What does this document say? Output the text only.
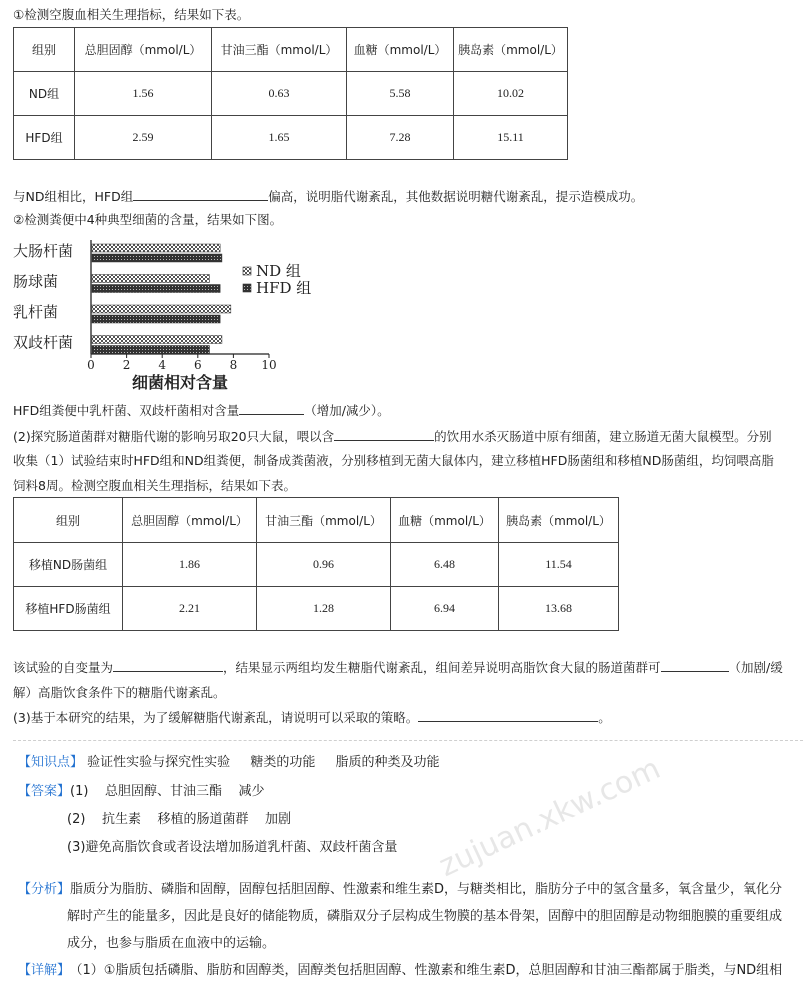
①检测空腹血相关生理指标，结果如下表。
组别	总胆固醇（mmol/L）	甘油三酯（mmol/L）	血糖（mmol/L）	胰岛素（mmol/L）
ND组	1.56	0.63	5.58	10.02
HFD组	2.59	1.65	7.28	15.11
与ND组相比，HFD组	偏高，说明脂代谢紊乱，其他数据说明糖代谢紊乱，提示造模成功。
②检测粪便中4种典型细菌的含量，结果如下图。
大肠杆菌
肠球菌
乳杆菌
双歧杆菌
0 2 4 6 8 10
细菌相对含量
ND 组
HFD 组
HFD组粪便中乳杆菌、双歧杆菌相对含量	（增加/减少）。
(2)探究肠道菌群对糖脂代谢的影响另取20只大鼠，喂以含	的饮用水杀灭肠道中原有细菌，建立肠道无菌大鼠模型。分别
收集（1）试验结束时HFD组和ND组粪便，制备成粪菌液，分别移植到无菌大鼠体内，建立移植HFD肠菌组和移植ND肠菌组，均饲喂高脂
饲料8周。检测空腹血相关生理指标，结果如下表。
组别	总胆固醇（mmol/L）	甘油三酯（mmol/L）	血糖（mmol/L）	胰岛素（mmol/L）
移植ND肠菌组	1.86	0.96	6.48	11.54
移植HFD肠菌组	2.21	1.28	6.94	13.68
该试验的自变量为	，结果显示两组均发生糖脂代谢紊乱，组间差异说明高脂饮食大鼠的肠道菌群可	（加剧/缓
解）高脂饮食条件下的糖脂代谢紊乱。
(3)基于本研究的结果，为了缓解糖脂代谢紊乱，请说明可以采取的策略。	。
zujuan.xkw.com
【知识点】 验证性实验与探究性实验 糖类的功能 脂质的种类及功能
【答案】(1)    总胆固醇、甘油三酯    减少
(2)    抗生素    移植的肠道菌群    加剧
(3)避免高脂饮食或者设法增加肠道乳杆菌、双歧杆菌含量
【分析】脂质分为脂肪、磷脂和固醇，固醇包括胆固醇、性激素和维生素D，与糖类相比，脂肪分子中的氢含量多，氧含量少，氧化分
解时产生的能量多，因此是良好的储能物质，磷脂双分子层构成生物膜的基本骨架，固醇中的胆固醇是动物细胞膜的重要组成
成分，也参与脂质在血液中的运输。
【详解】 （1）①脂质包括磷脂、脂肪和固醇类，固醇类包括胆固醇、性激素和维生素D，总胆固醇和甘油三酯都属于脂类，与ND组相
